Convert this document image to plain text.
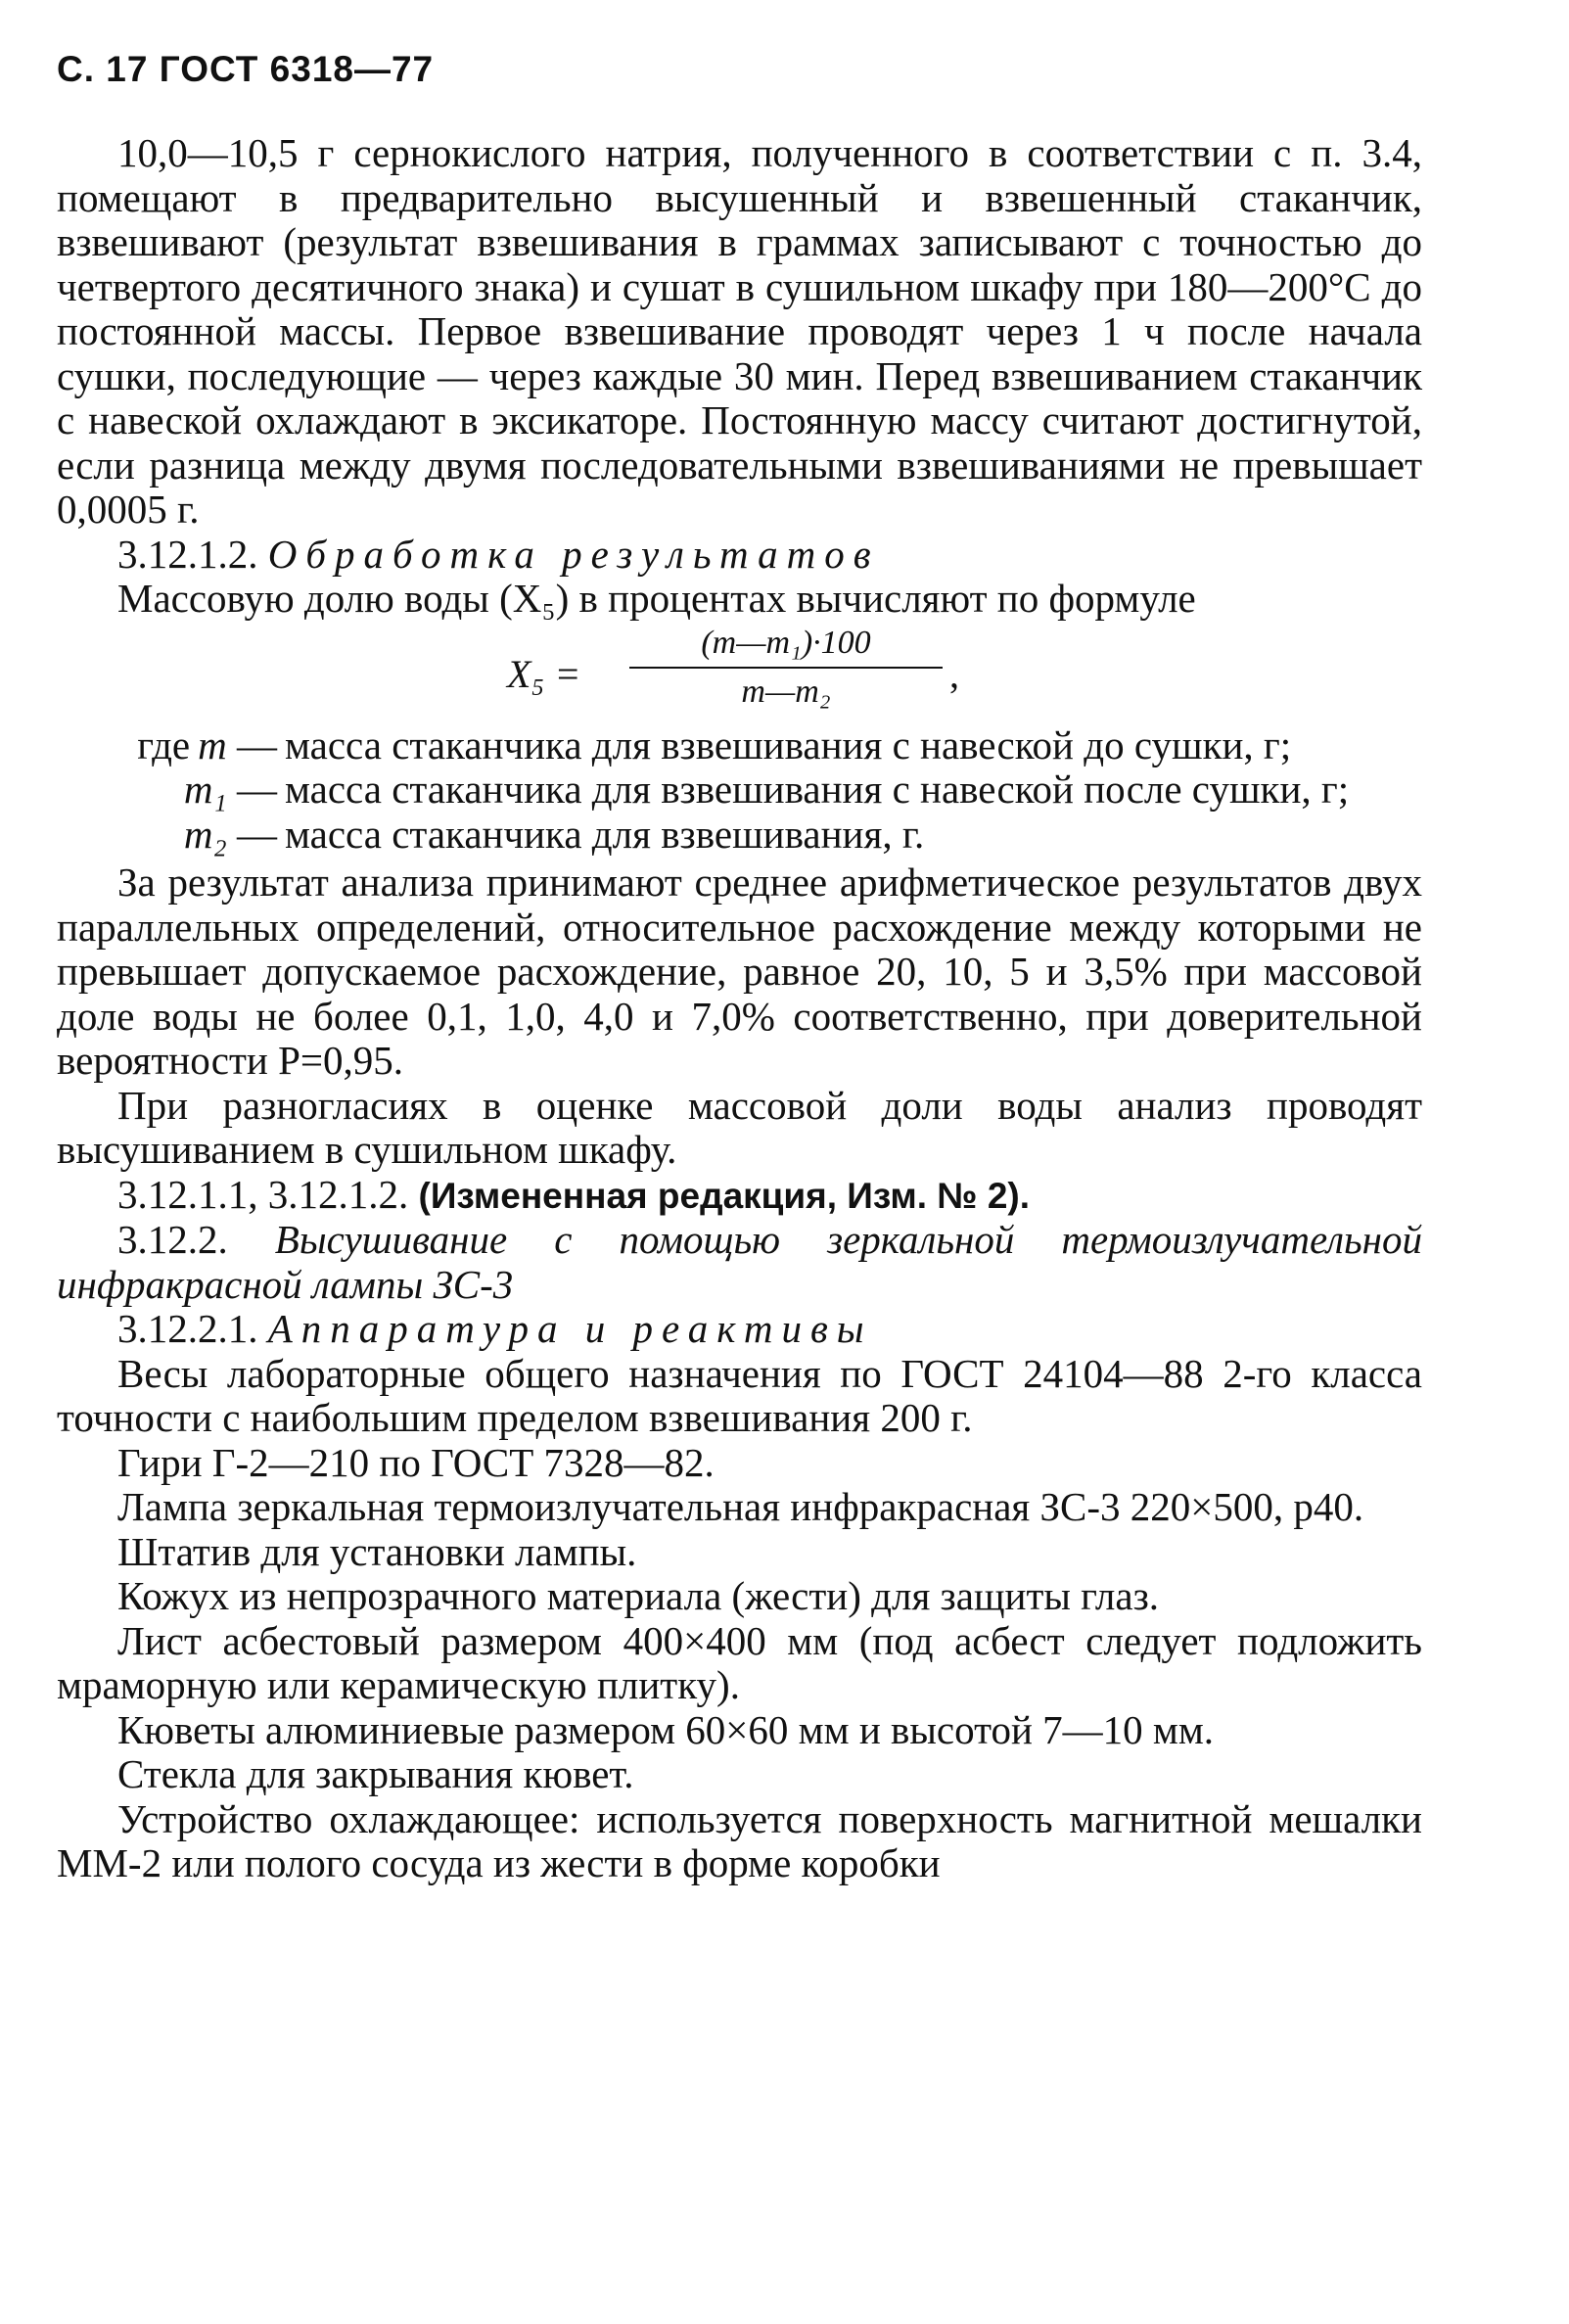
С. 17 ГОСТ 6318—77

10,0—10,5 г сернокислого натрия, полученного в соответствии с п. 3.4, помещают в предварительно высушенный и взвешенный стаканчик, взвешивают (результат взвешивания в граммах записывают с точностью до четвертого десятичного знака) и сушат в сушильном шкафу при 180—200°C до постоянной массы. Первое взвешивание проводят через 1 ч после начала сушки, последующие — через каждые 30 мин. Перед взвешиванием стаканчик с навеской охлаждают в эксикаторе. Постоянную массу считают достигнутой, если разница между двумя последовательными взвешиваниями не превышает 0,0005 г.

3.12.1.2. Обработка результатов

Массовую долю воды (X₅) в процентах вычисляют по формуле

X₅ =
(m—m₁)·100
m—m₂	,
где m — масса стаканчика для взвешивания с навеской до сушки, г;
m₁ — масса стаканчика для взвешивания с навеской после сушки, г;
m₂ — масса стаканчика для взвешивания, г.

За результат анализа принимают среднее арифметическое результатов двух параллельных определений, относительное расхождение между которыми не превышает допускаемое расхождение, равное 20, 10, 5 и 3,5% при массовой доле воды не более 0,1, 1,0, 4,0 и 7,0% соответственно, при доверительной вероятности P=0,95.

При разногласиях в оценке массовой доли воды анализ проводят высушиванием в сушильном шкафу.

3.12.1.1, 3.12.1.2. (Измененная редакция, Изм. № 2).

3.12.2. Высушивание с помощью зеркальной термоизлучательной инфракрасной лампы ЗС-3

3.12.2.1. Аппаратура и реактивы

Весы лабораторные общего назначения по ГОСТ 24104—88 2-го класса точности с наибольшим пределом взвешивания 200 г.

Гири Г-2—210 по ГОСТ 7328—82.

Лампа зеркальная термоизлучательная инфракрасная ЗС-3 220×500, р40.

Штатив для установки лампы.

Кожух из непрозрачного материала (жести) для защиты глаз.

Лист асбестовый размером 400×400 мм (под асбест следует подложить мраморную или керамическую плитку).

Кюветы алюминиевые размером 60×60 мм и высотой 7—10 мм.

Стекла для закрывания кювет.

Устройство охлаждающее: используется поверхность магнитной мешалки ММ-2 или полого сосуда из жести в форме коробки
